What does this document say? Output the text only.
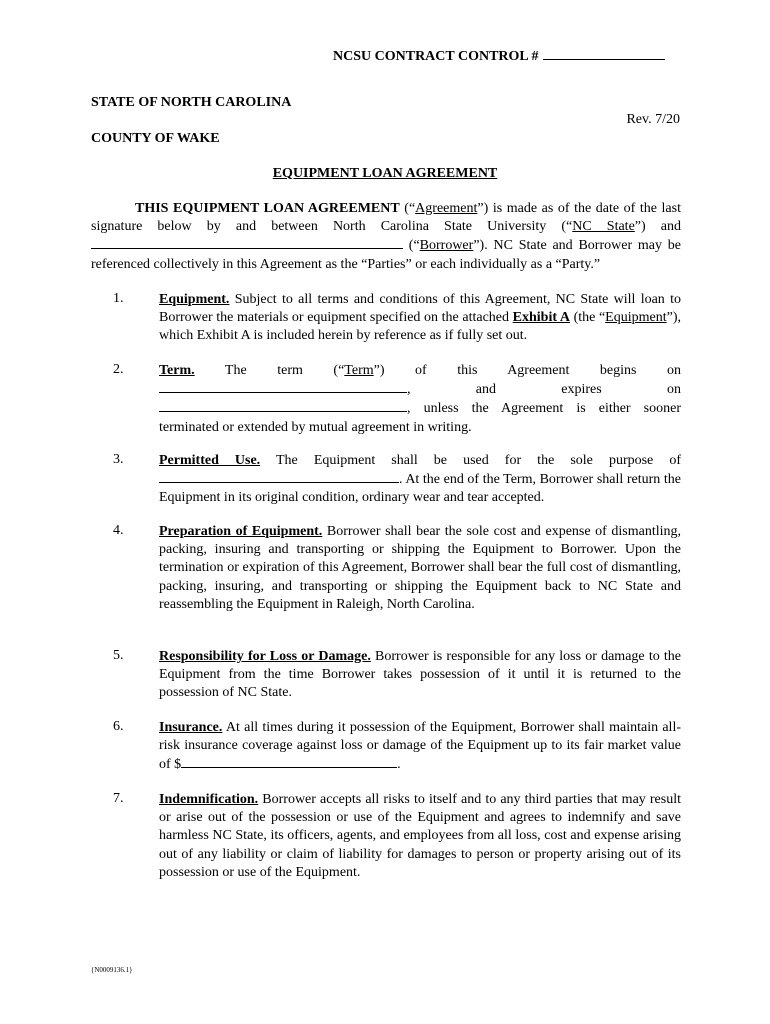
NCSU CONTRACT CONTROL #
STATE OF NORTH CAROLINA
Rev. 7/20
COUNTY OF WAKE
EQUIPMENT LOAN AGREEMENT
THIS EQUIPMENT LOAN AGREEMENT (“Agreement”) is made as of the date of the last signature below by and between North Carolina State University (“NC State”) and  (“Borrower”). NC State and Borrower may be referenced collectively in this Agreement as the “Parties” or each individually as a “Party.”
1.	Equipment. Subject to all terms and conditions of this Agreement, NC State will loan to Borrower the materials or equipment specified on the attached Exhibit A (the “Equipment”), which Exhibit A is included herein by reference as if fully set out.
2.	Term. The term (“Term”) of this Agreement begins on , and expires on , unless the Agreement is either sooner terminated or extended by mutual agreement in writing.
3.	Permitted Use. The Equipment shall be used for the sole purpose of . At the end of the Term, Borrower shall return the Equipment in its original condition, ordinary wear and tear accepted.
4.	Preparation of Equipment. Borrower shall bear the sole cost and expense of dismantling, packing, insuring and transporting or shipping the Equipment to Borrower. Upon the termination or expiration of this Agreement, Borrower shall bear the full cost of dismantling, packing, insuring, and transporting or shipping the Equipment back to NC State and reassembling the Equipment in Raleigh, North Carolina.
5.	Responsibility for Loss or Damage. Borrower is responsible for any loss or damage to the Equipment from the time Borrower takes possession of it until it is returned to the possession of NC State.
6.	Insurance. At all times during it possession of the Equipment, Borrower shall maintain all-risk insurance coverage against loss or damage of the Equipment up to its fair market value of $	.
7.	Indemnification. Borrower accepts all risks to itself and to any third parties that may result or arise out of the possession or use of the Equipment and agrees to indemnify and save harmless NC State, its officers, agents, and employees from all loss, cost and expense arising out of any liability or claim of liability for damages to person or property arising out of its possession or use of the Equipment.
{N0009136.1}
